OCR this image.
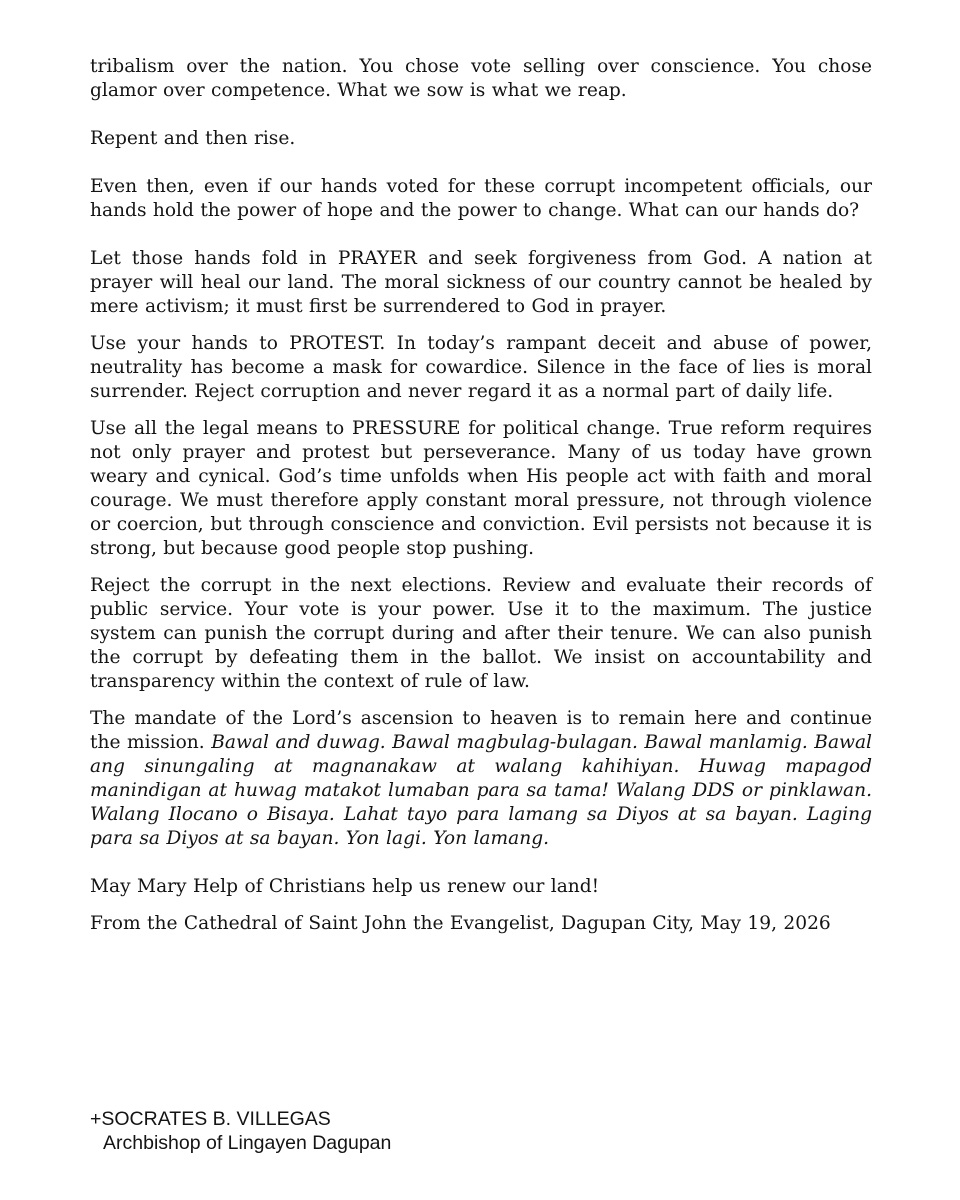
tribalism over the nation. You chose vote selling over conscience. You chose glamor over competence. What we sow is what we reap.

Repent and then rise.

Even then, even if our hands voted for these corrupt incompetent officials, our hands hold the power of hope and the power to change. What can our hands do?

Let those hands fold in PRAYER and seek forgiveness from God. A nation at prayer will heal our land. The moral sickness of our country cannot be healed by mere activism; it must first be surrendered to God in prayer.

Use your hands to PROTEST. In today’s rampant deceit and abuse of power, neutrality has become a mask for cowardice. Silence in the face of lies is moral surrender. Reject corruption and never regard it as a normal part of daily life.

Use all the legal means to PRESSURE for political change. True reform requires not only prayer and protest but perseverance. Many of us today have grown weary and cynical. God’s time unfolds when His people act with faith and moral courage. We must therefore apply constant moral pressure, not through violence or coercion, but through conscience and conviction. Evil persists not because it is strong, but because good people stop pushing.

Reject the corrupt in the next elections. Review and evaluate their records of public service. Your vote is your power. Use it to the maximum. The justice system can punish the corrupt during and after their tenure. We can also punish the corrupt by defeating them in the ballot. We insist on accountability and transparency within the context of rule of law.

The mandate of the Lord’s ascension to heaven is to remain here and continue the mission. Bawal and duwag. Bawal magbulag-bulagan. Bawal manlamig. Bawal ang sinungaling at magnanakaw at walang kahihiyan. Huwag mapagod manindigan at huwag matakot lumaban para sa tama! Walang DDS or pinklawan. Walang Ilocano o Bisaya. Lahat tayo para lamang sa Diyos at sa bayan. Laging para sa Diyos at sa bayan. Yon lagi. Yon lamang.

May Mary Help of Christians help us renew our land!

From the Cathedral of Saint John the Evangelist, Dagupan City, May 19, 2026

+SOCRATES B. VILLEGAS
Archbishop of Lingayen Dagupan
